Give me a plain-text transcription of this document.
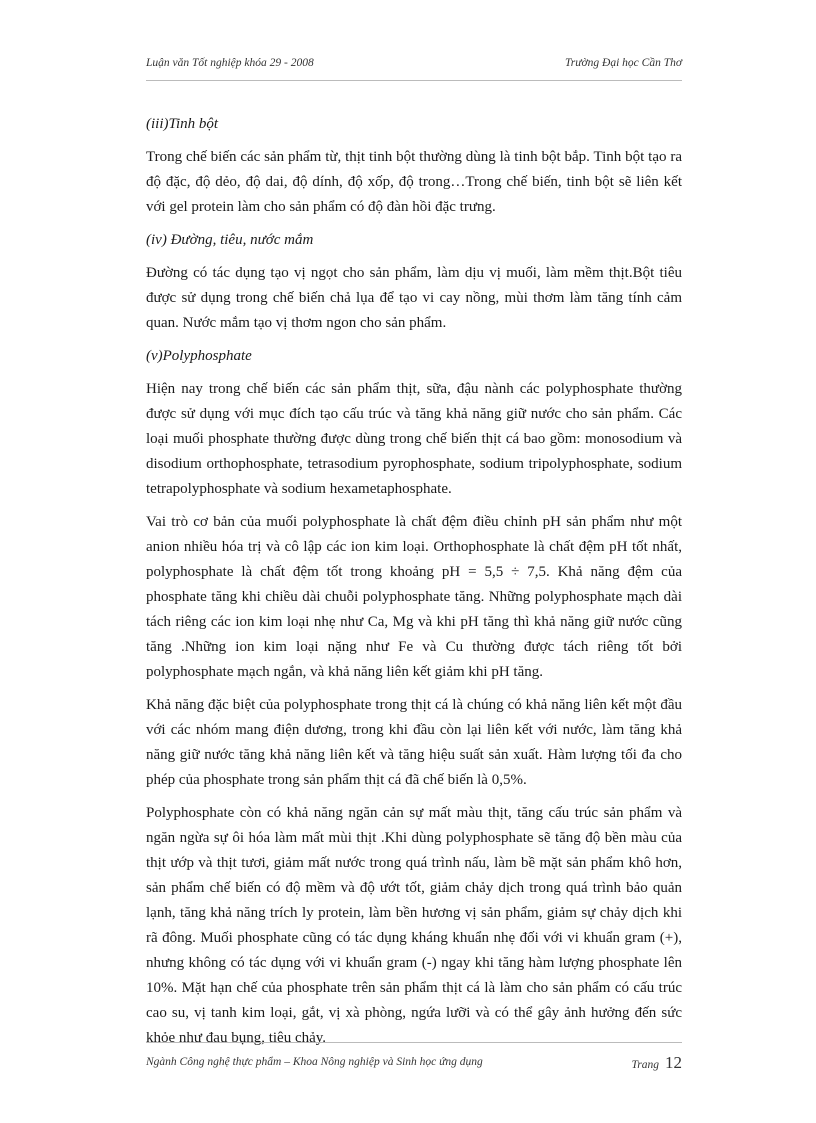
Luận văn Tốt nghiệp khóa 29 - 2008	Trường Đại học Cần Thơ

(iii)Tinh bột

Trong chế biến các sản phẩm từ, thịt tinh bột thường dùng là tinh bột bắp. Tinh bột tạo ra độ đặc, độ dẻo, độ dai, độ dính, độ xốp, độ trong…Trong chế biến, tinh bột sẽ liên kết với gel protein làm cho sản phẩm có độ đàn hồi đặc trưng.

(iv) Đường, tiêu, nước mắm

Đường có tác dụng tạo vị ngọt cho sản phẩm, làm dịu vị muối, làm mềm thịt.Bột tiêu được sử dụng trong chế biến chả lụa để tạo vi cay nồng, mùi thơm làm tăng tính cảm quan. Nước mắm tạo vị thơm ngon cho sản phẩm.

(v)Polyphosphate

Hiện nay trong chế biến các sản phẩm thịt, sữa, đậu nành các polyphosphate thường được sử dụng với mục đích tạo cấu trúc và tăng khả năng giữ nước cho sản phẩm. Các loại muối phosphate thường được dùng trong chế biến thịt cá bao gồm: monosodium và disodium orthophosphate, tetrasodium pyrophosphate, sodium tripolyphosphate, sodium tetrapolyphosphate và sodium hexametaphosphate.

Vai trò cơ bản của muối polyphosphate là chất đệm điều chỉnh pH sản phẩm như một anion nhiều hóa trị và cô lập các ion kim loại. Orthophosphate là chất đệm pH tốt nhất, polyphosphate là chất đệm tốt trong khoảng pH = 5,5 ÷ 7,5. Khả năng đệm của phosphate tăng khi chiều dài chuỗi polyphosphate tăng. Những polyphosphate mạch dài tách riêng các ion kim loại nhẹ như Ca, Mg và khi pH tăng thì khả năng giữ nước cũng tăng .Những ion kim loại nặng như Fe và Cu thường được tách riêng tốt bởi polyphosphate mạch ngắn, và khả năng liên kết giảm khi pH tăng.

Khả năng đặc biệt của polyphosphate trong thịt cá là chúng có khả năng liên kết một đầu với các nhóm mang điện dương, trong khi đầu còn lại liên kết với nước, làm tăng khả năng giữ nước tăng khả năng liên kết và tăng hiệu suất sản xuất. Hàm lượng tối đa cho phép của phosphate trong sản phẩm thịt cá đã chế biến là 0,5%.

Polyphosphate còn có khả năng ngăn cản sự mất màu thịt, tăng cấu trúc sản phẩm và ngăn ngừa sự ôi hóa làm mất mùi thịt .Khi dùng polyphosphate sẽ tăng độ bền màu của thịt ướp và thịt tươi, giảm mất nước trong quá trình nấu, làm bề mặt sản phẩm khô hơn, sản phẩm chế biến có độ mềm và độ ướt tốt, giảm chảy dịch trong quá trình bảo quản lạnh, tăng khả năng trích ly protein, làm bền hương vị sản phẩm, giảm sự chảy dịch khi rã đông. Muối phosphate cũng có tác dụng kháng khuẩn nhẹ đối với vi khuẩn gram (+), nhưng không có tác dụng với vi khuẩn gram (-) ngay khi tăng hàm lượng phosphate lên 10%. Mặt hạn chế của phosphate trên sản phẩm thịt cá là làm cho sản phẩm có cấu trúc cao su, vị tanh kim loại, gắt, vị xà phòng, ngứa lưỡi và có thể gây ảnh hưởng đến sức khỏe như đau bụng, tiêu chảy.

Ngành Công nghệ thực phẩm – Khoa Nông nghiệp và Sinh học ứng dụng	Trang 12
